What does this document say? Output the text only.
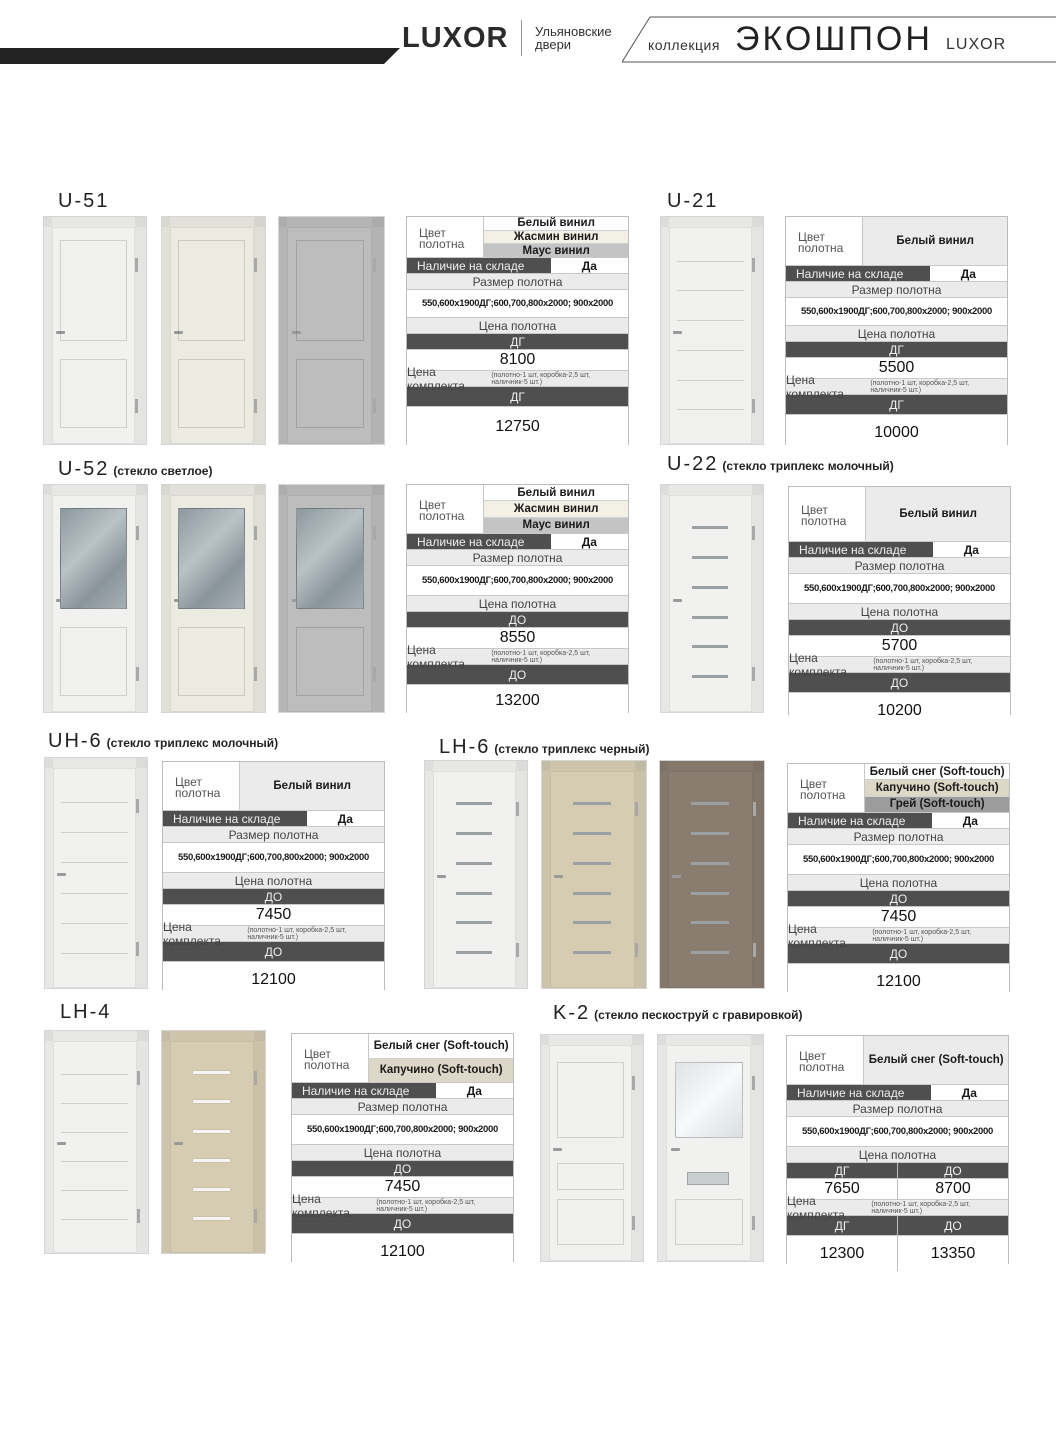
LUXOR Ульяновские
двери	коллекция ЭКОШПОН LUXOR
U-51	U-21
U-52 (стекло светлое)	U-22 (стекло триплекс молочный)
UH-6 (стекло триплекс молочный)	LH-6 (стекло триплекс черный)
LH-4	K-2 (стекло пескоструй с гравировкой)
Цвет полотна
Белый винил
Жасмин винил
Маус винил
Наличие на складе	Да
Размер полотна
550,600х1900ДГ;600,700,800х2000; 900х2000
Цена полотна
ДГ
8100
Цена комплекта
(полотно-1 шт, коробка-2,5 шт, наличник-5 шт.)
ДГ
12750
Цвет полотна	Белый винил
Наличие на складе	Да
Размер полотна
550,600х1900ДГ;600,700,800х2000; 900х2000
Цена полотна
ДГ
5500
Цена комплекта
(полотно-1 шт, коробка-2,5 шт, наличник-5 шт.)
ДГ
10000
Цвет полотна
Белый винил
Жасмин винил
Маус винил
Наличие на складе	Да
Размер полотна
550,600х1900ДГ;600,700,800х2000; 900х2000
Цена полотна
ДО
8550
Цена комплекта
(полотно-1 шт, коробка-2,5 шт, наличник-5 шт.)
ДО
13200
Цвет полотна	Белый винил
Наличие на складе	Да
Размер полотна
550,600х1900ДГ;600,700,800х2000; 900х2000
Цена полотна
ДО
5700
Цена комплекта
(полотно-1 шт, коробка-2,5 шт, наличник-5 шт.)
ДО
10200
Цвет полотна	Белый винил
Наличие на складе	Да
Размер полотна
550,600х1900ДГ;600,700,800х2000; 900х2000
Цена полотна
ДО
7450
Цена комплекта
(полотно-1 шт, коробка-2,5 шт, наличник-5 шт.)
ДО
12100
Цвет полотна
Белый снег (Soft-touch)
Капучино (Soft-touch)
Грей (Soft-touch)
Наличие на складе	Да
Размер полотна
550,600х1900ДГ;600,700,800х2000; 900х2000
Цена полотна
ДО
7450
Цена комплекта
(полотно-1 шт, коробка-2,5 шт, наличник-5 шт.)
ДО
12100
Цвет полотна
Белый снег (Soft-touch)
Капучино (Soft-touch)
Наличие на складе	Да
Размер полотна
550,600х1900ДГ;600,700,800х2000; 900х2000
Цена полотна
ДО
7450
Цена комплекта
(полотно-1 шт, коробка-2,5 шт, наличник-5 шт.)
ДО
12100
Цвет полотна	Белый снег (Soft-touch)
Наличие на складе	Да
Размер полотна
550,600х1900ДГ;600,700,800х2000; 900х2000
Цена полотна
ДГ	ДО
7650	8700
Цена комплекта
(полотно-1 шт, коробка-2,5 шт, наличник-5 шт.)
ДГ	ДО
12300	13350
